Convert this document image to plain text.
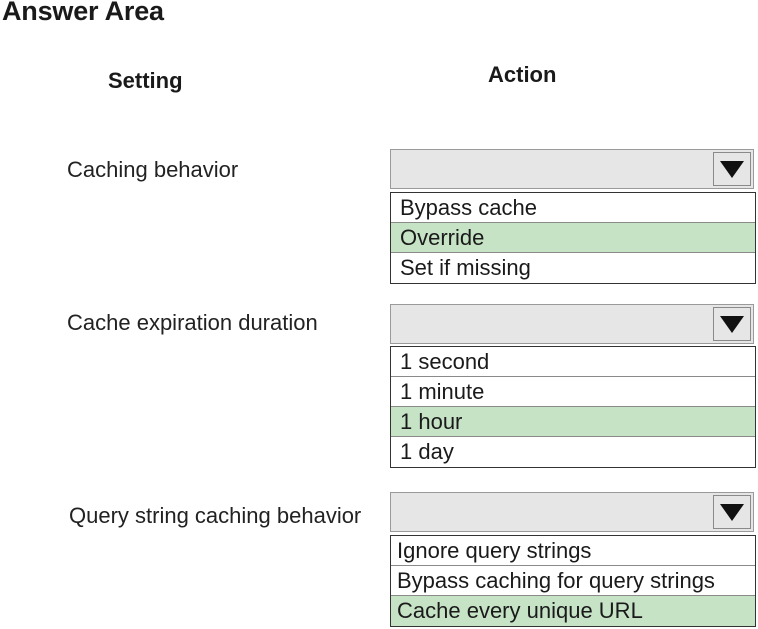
Answer Area
Setting	Action
Caching behavior
Bypass cache
Override
Set if missing
Cache expiration duration
1 second
1 minute
1 hour
1 day
Query string caching behavior
Ignore query strings
Bypass caching for query strings
Cache every unique URL
